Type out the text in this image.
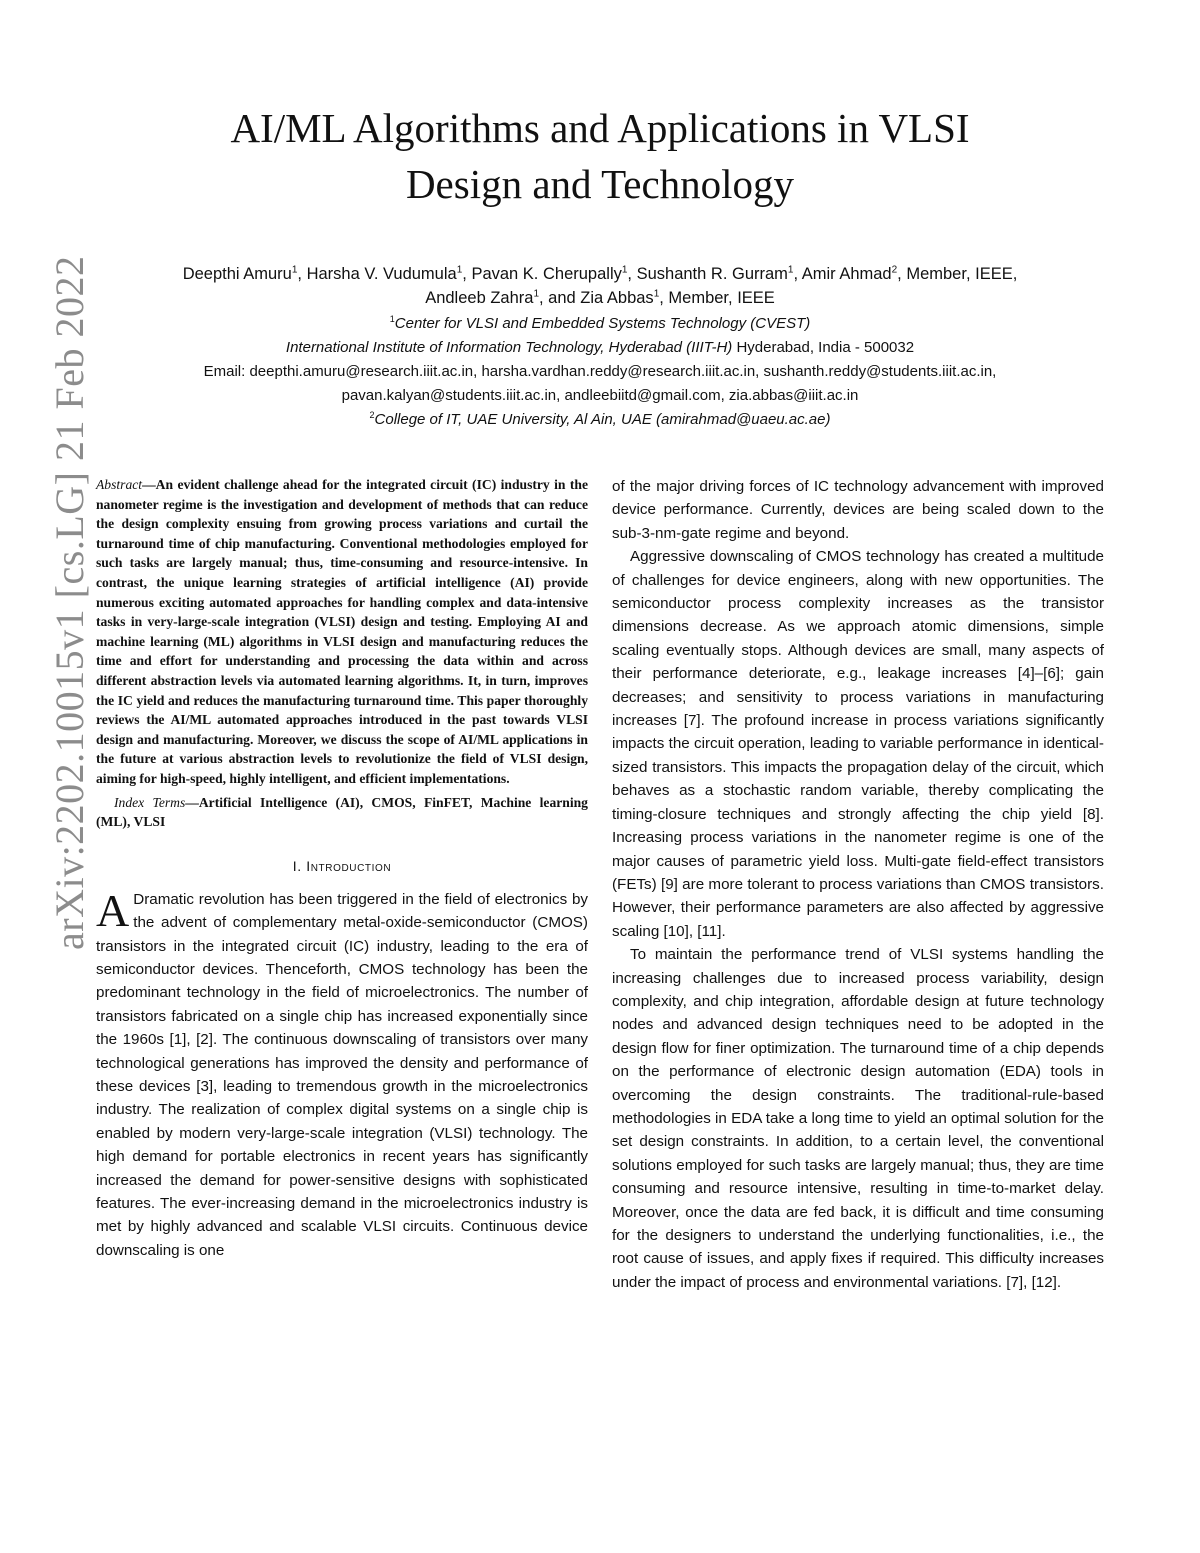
arXiv:2202.10015v1 [cs.LG] 21 Feb 2022
AI/ML Algorithms and Applications in VLSI
Design and Technology
Deepthi Amuru$^1$, Harsha V. Vudumula$^1$, Pavan K. Cherupally$^1$, Sushanth R. Gurram$^1$, Amir Ahmad$^2$, Member, IEEE,
Andleeb Zahra$^1$, and Zia Abbas$^1$, Member, IEEE
$^1$Center for VLSI and Embedded Systems Technology (CVEST)
International Institute of Information Technology, Hyderabad (IIIT-H) Hyderabad, India - 500032
Email: deepthi.amuru@research.iiit.ac.in, harsha.vardhan.reddy@research.iiit.ac.in, sushanth.reddy@students.iiit.ac.in,
pavan.kalyan@students.iiit.ac.in, andleebiitd@gmail.com, zia.abbas@iiit.ac.in
$^2$College of IT, UAE University, Al Ain, UAE (amirahmad@uaeu.ac.ae)

Abstract—An evident challenge ahead for the integrated circuit (IC) industry in the nanometer regime is the investigation and development of methods that can reduce the design complexity ensuing from growing process variations and curtail the turnaround time of chip manufacturing. Conventional methodologies employed for such tasks are largely manual; thus, time-consuming and resource-intensive. In contrast, the unique learning strategies of artificial intelligence (AI) provide numerous exciting automated approaches for handling complex and data-intensive tasks in very-large-scale integration (VLSI) design and testing. Employing AI and machine learning (ML) algorithms in VLSI design and manufacturing reduces the time and effort for understanding and processing the data within and across different abstraction levels via automated learning algorithms. It, in turn, improves the IC yield and reduces the manufacturing turnaround time. This paper thoroughly reviews the AI/ML automated approaches introduced in the past towards VLSI design and manufacturing. Moreover, we discuss the scope of AI/ML applications in the future at various abstraction levels to revolutionize the field of VLSI design, aiming for high-speed, highly intelligent, and efficient implementations.

Index Terms—Artificial Intelligence (AI), CMOS, FinFET, Machine learning (ML), VLSI

I. Introduction

A Dramatic revolution has been triggered in the field of electronics by the advent of complementary metal-oxide-semiconductor (CMOS) transistors in the integrated circuit (IC) industry, leading to the era of semiconductor devices. Thenceforth, CMOS technology has been the predominant technology in the field of microelectronics. The number of transistors fabricated on a single chip has increased exponentially since the 1960s [1], [2]. The continuous downscaling of transistors over many technological generations has improved the density and performance of these devices [3], leading to tremendous growth in the microelectronics industry. The realization of complex digital systems on a single chip is enabled by modern very-large-scale integration (VLSI) technology. The high demand for portable electronics in recent years has significantly increased the demand for power-sensitive designs with sophisticated features. The ever-increasing demand in the microelectronics industry is met by highly advanced and scalable VLSI circuits. Continuous device downscaling is one

of the major driving forces of IC technology advancement with improved device performance. Currently, devices are being scaled down to the sub-3-nm-gate regime and beyond.

Aggressive downscaling of CMOS technology has created a multitude of challenges for device engineers, along with new opportunities. The semiconductor process complexity increases as the transistor dimensions decrease. As we approach atomic dimensions, simple scaling eventually stops. Although devices are small, many aspects of their performance deteriorate, e.g., leakage increases [4]–[6]; gain decreases; and sensitivity to process variations in manufacturing increases [7]. The profound increase in process variations significantly impacts the circuit operation, leading to variable performance in identical-sized transistors. This impacts the propagation delay of the circuit, which behaves as a stochastic random variable, thereby complicating the timing-closure techniques and strongly affecting the chip yield [8]. Increasing process variations in the nanometer regime is one of the major causes of parametric yield loss. Multi-gate field-effect transistors (FETs) [9] are more tolerant to process variations than CMOS transistors. However, their performance parameters are also affected by aggressive scaling [10], [11].

To maintain the performance trend of VLSI systems handling the increasing challenges due to increased process variability, design complexity, and chip integration, affordable design at future technology nodes and advanced design techniques need to be adopted in the design flow for finer optimization. The turnaround time of a chip depends on the performance of electronic design automation (EDA) tools in overcoming the design constraints. The traditional-rule-based methodologies in EDA take a long time to yield an optimal solution for the set design constraints. In addition, to a certain level, the conventional solutions employed for such tasks are largely manual; thus, they are time consuming and resource intensive, resulting in time-to-market delay. Moreover, once the data are fed back, it is difficult and time consuming for the designers to understand the underlying functionalities, i.e., the root cause of issues, and apply fixes if required. This difficulty increases under the impact of process and environmental variations. [7], [12].
